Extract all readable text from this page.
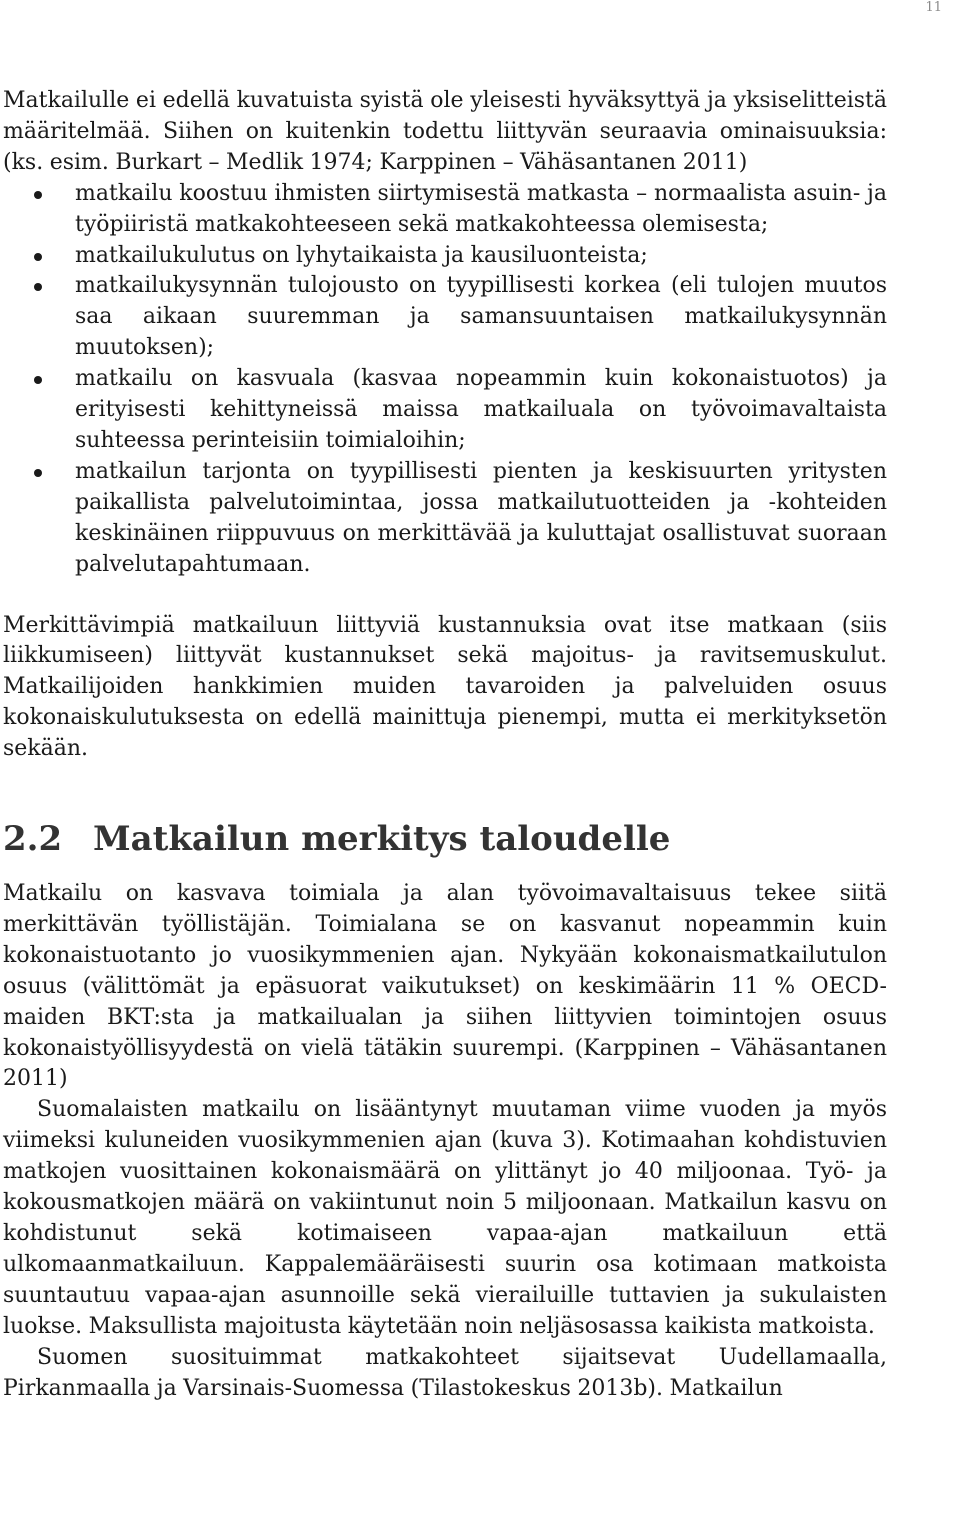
11

Matkailulle ei edellä kuvatuista syistä ole yleisesti hyväksyttyä ja yksiselitteistä määritelmää. Siihen on kuitenkin todettu liittyvän seuraavia ominaisuuksia: (ks. esim. Burkart – Medlik 1974; Karppinen – Vähäsantanen 2011)

matkailu koostuu ihmisten siirtymisestä matkasta – normaalista asuin- ja työpiiristä matkakohteeseen sekä matkakohteessa olemisesta;
matkailukulutus on lyhytaikaista ja kausiluonteista;
matkailukysynnän tulojousto on tyypillisesti korkea (eli tulojen muutos saa aikaan suuremman ja samansuuntaisen matkailukysynnän muutoksen);
matkailu on kasvuala (kasvaa nopeammin kuin kokonaistuotos) ja erityisesti kehittyneissä maissa matkailuala on työvoimavaltaista suhteessa perinteisiin toimialoihin;
matkailun tarjonta on tyypillisesti pienten ja keskisuurten yritysten paikallista palvelutoimintaa, jossa matkailutuotteiden ja -kohteiden keskinäinen riippuvuus on merkittävää ja kuluttajat osallistuvat suoraan palvelutapahtumaan.

Merkittävimpiä matkailuun liittyviä kustannuksia ovat itse matkaan (siis liikkumiseen) liittyvät kustannukset sekä majoitus- ja ravitsemuskulut. Matkailijoiden hankkimien muiden tavaroiden ja palveluiden osuus kokonaiskulutuksesta on edellä mainittuja pienempi, mutta ei merkityksetön sekään.

2.2 Matkailun merkitys taloudelle

Matkailu on kasvava toimiala ja alan työvoimavaltaisuus tekee siitä merkittävän työllistäjän. Toimialana se on kasvanut nopeammin kuin kokonaistuotanto jo vuosikymmenien ajan. Nykyään kokonaismatkailutulon osuus (välittömät ja epäsuorat vaikutukset) on keskimäärin 11 % OECD-maiden BKT:sta ja matkailualan ja siihen liittyvien toimintojen osuus kokonaistyöllisyydestä on vielä tätäkin suurempi. (Karppinen – Vähäsantanen 2011)

Suomalaisten matkailu on lisääntynyt muutaman viime vuoden ja myös viimeksi kuluneiden vuosikymmenien ajan (kuva 3). Kotimaahan kohdistuvien matkojen vuosittainen kokonaismäärä on ylittänyt jo 40 miljoonaa. Työ- ja kokousmatkojen määrä on vakiintunut noin 5 miljoonaan. Matkailun kasvu on kohdistunut sekä kotimaiseen vapaa-ajan matkailuun että ulkomaanmatkailuun. Kappalemääräisesti suurin osa kotimaan matkoista suuntautuu vapaa-ajan asunnoille sekä vierailuille tuttavien ja sukulaisten luokse. Maksullista majoitusta käytetään noin neljäsosassa kaikista matkoista.

Suomen suosituimmat matkakohteet sijaitsevat Uudellamaalla, Pirkanmaalla ja Varsinais-Suomessa (Tilastokeskus 2013b). Matkailun
